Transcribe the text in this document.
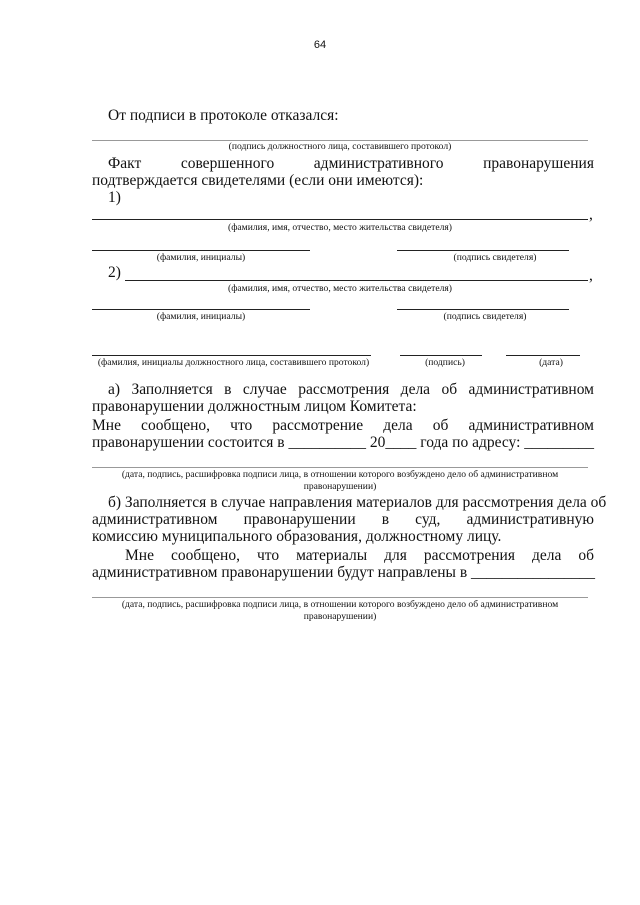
64
От подписи в протоколе отказался:
(подпись должностного лица, составившего протокол)
Факт	совершенного	административного	правонарушения
подтверждается свидетелями (если они имеются):
1)
,
(фамилия, имя, отчество, место жительства свидетеля)
(фамилия, инициалы)	(подпись свидетеля)
2)	,
(фамилия, имя, отчество, место жительства свидетеля)
(фамилия, инициалы)	(подпись свидетеля)
(фамилия, инициалы должностного лица, составившего протокол)	(подпись)	(дата)
а) Заполняется в случае рассмотрения дела об административном
правонарушении должностным лицом Комитета:
Мне сообщено, что рассмотрение дела об административном
правонарушении состоится в __________ 20____ года по адресу: _________
(дата, подпись, расшифровка подписи лица, в отношении которого возбуждено дело об административном правонарушении)
б) Заполняется в случае направления материалов для рассмотрения дела об
административном правонарушении в суд, административную
комиссию муниципального образования, должностному лицу.
Мне сообщено, что материалы для рассмотрения дела об
административном правонарушении будут направлены в ________________
(дата, подпись, расшифровка подписи лица, в отношении которого возбуждено дело об административном правонарушении)
